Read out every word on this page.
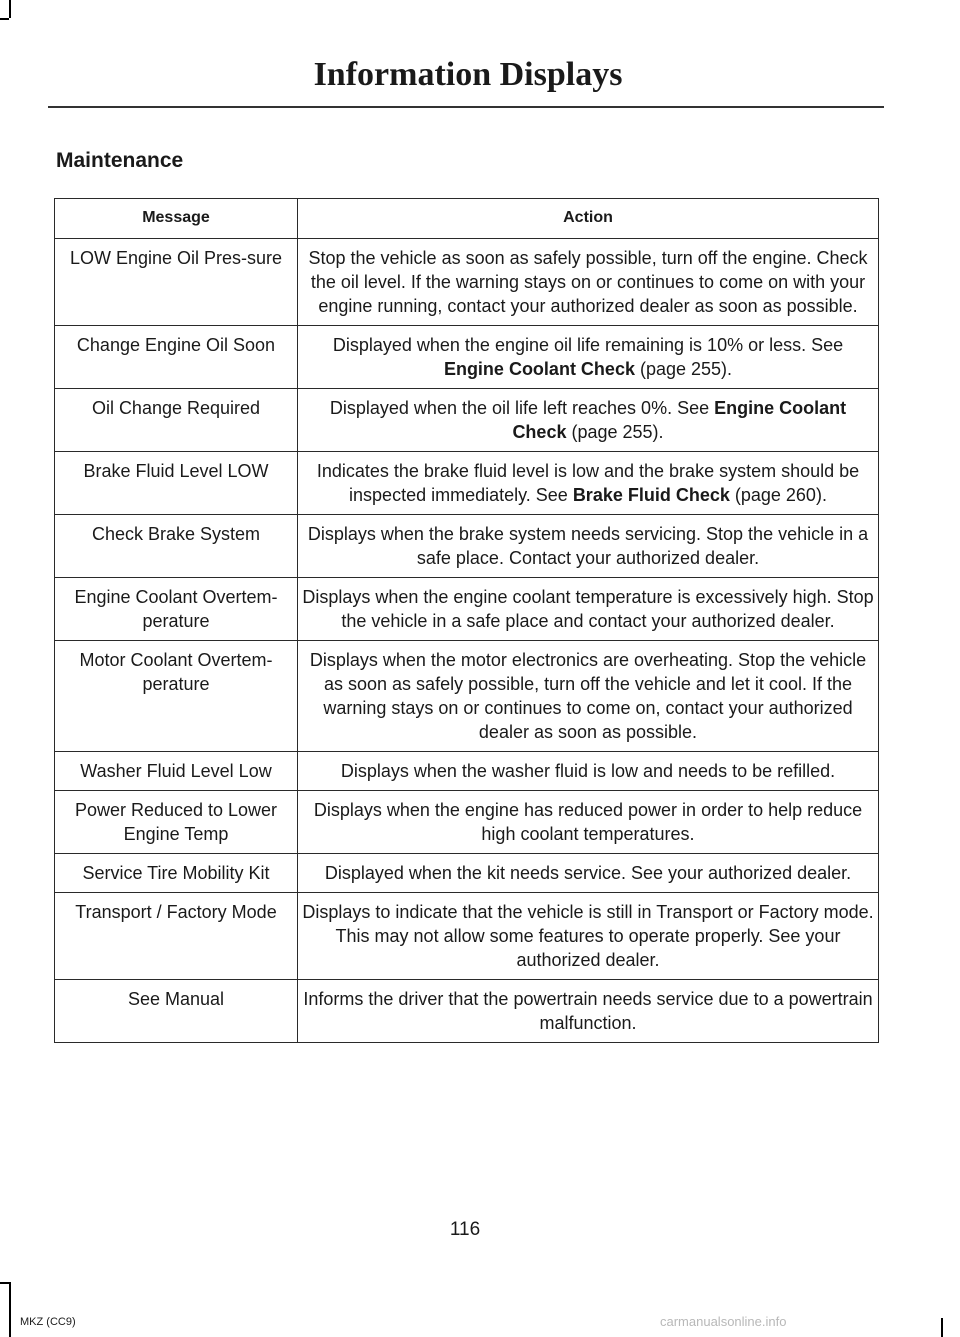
Information Displays
Maintenance
Message	Action
LOW Engine Oil Pres-sure	Stop the vehicle as soon as safely possible, turn off the engine. Check the oil level. If the warning stays on or continues to come on with your engine running, contact your authorized dealer as soon as possible.
Change Engine Oil Soon	Displayed when the engine oil life remaining is 10% or less. See Engine Coolant Check (page 255).
Oil Change Required	Displayed when the oil life left reaches 0%. See Engine Coolant Check (page 255).
Brake Fluid Level LOW	Indicates the brake fluid level is low and the brake system should be inspected immediately. See Brake Fluid Check (page 260).
Check Brake System	Displays when the brake system needs servicing. Stop the vehicle in a safe place. Contact your authorized dealer.
Engine Coolant Overtem-perature	Displays when the engine coolant temperature is excessively high. Stop the vehicle in a safe place and contact your authorized dealer.
Motor Coolant Overtem-perature	Displays when the motor electronics are overheating. Stop the vehicle as soon as safely possible, turn off the vehicle and let it cool. If the warning stays on or continues to come on, contact your authorized dealer as soon as possible.
Washer Fluid Level Low	Displays when the washer fluid is low and needs to be refilled.
Power Reduced to Lower Engine Temp	Displays when the engine has reduced power in order to help reduce high coolant temperatures.
Service Tire Mobility Kit	Displayed when the kit needs service. See your authorized dealer.
Transport / Factory Mode	Displays to indicate that the vehicle is still in Transport or Factory mode. This may not allow some features to operate properly. See your authorized dealer.
See Manual	Informs the driver that the powertrain needs service due to a powertrain malfunction.
116
MKZ (CC9)	carmanualsonline.info
